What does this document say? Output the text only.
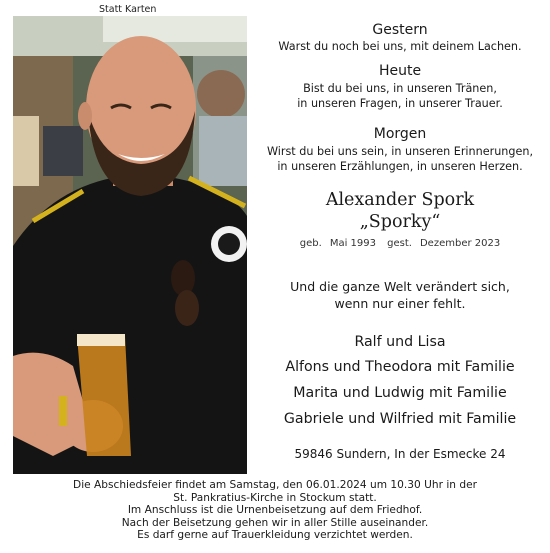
Statt Karten
Gestern
Warst du noch bei uns, mit deinem Lachen.
Heute
Bist du bei uns, in unseren Tränen,
in unseren Fragen, in unserer Trauer.
Morgen
Wirst du bei uns sein, in unseren Erinnerungen,
in unseren Erzählungen, in unseren Herzen.
Alexander Spork
„Sporky“
geb. Mai 1993 gest. Dezember 2023
Und die ganze Welt verändert sich,
wenn nur einer fehlt.
Ralf und Lisa
Alfons und Theodora mit Familie
Marita und Ludwig mit Familie
Gabriele und Wilfried mit Familie
59846 Sundern, In der Esmecke 24
Die Abschiedsfeier findet am Samstag, den 06.01.2024 um 10.30 Uhr in der
St. Pankratius-Kirche in Stockum statt.
Im Anschluss ist die Urnenbeisetzung auf dem Friedhof.
Nach der Beisetzung gehen wir in aller Stille auseinander.
Es darf gerne auf Trauerkleidung verzichtet werden.
